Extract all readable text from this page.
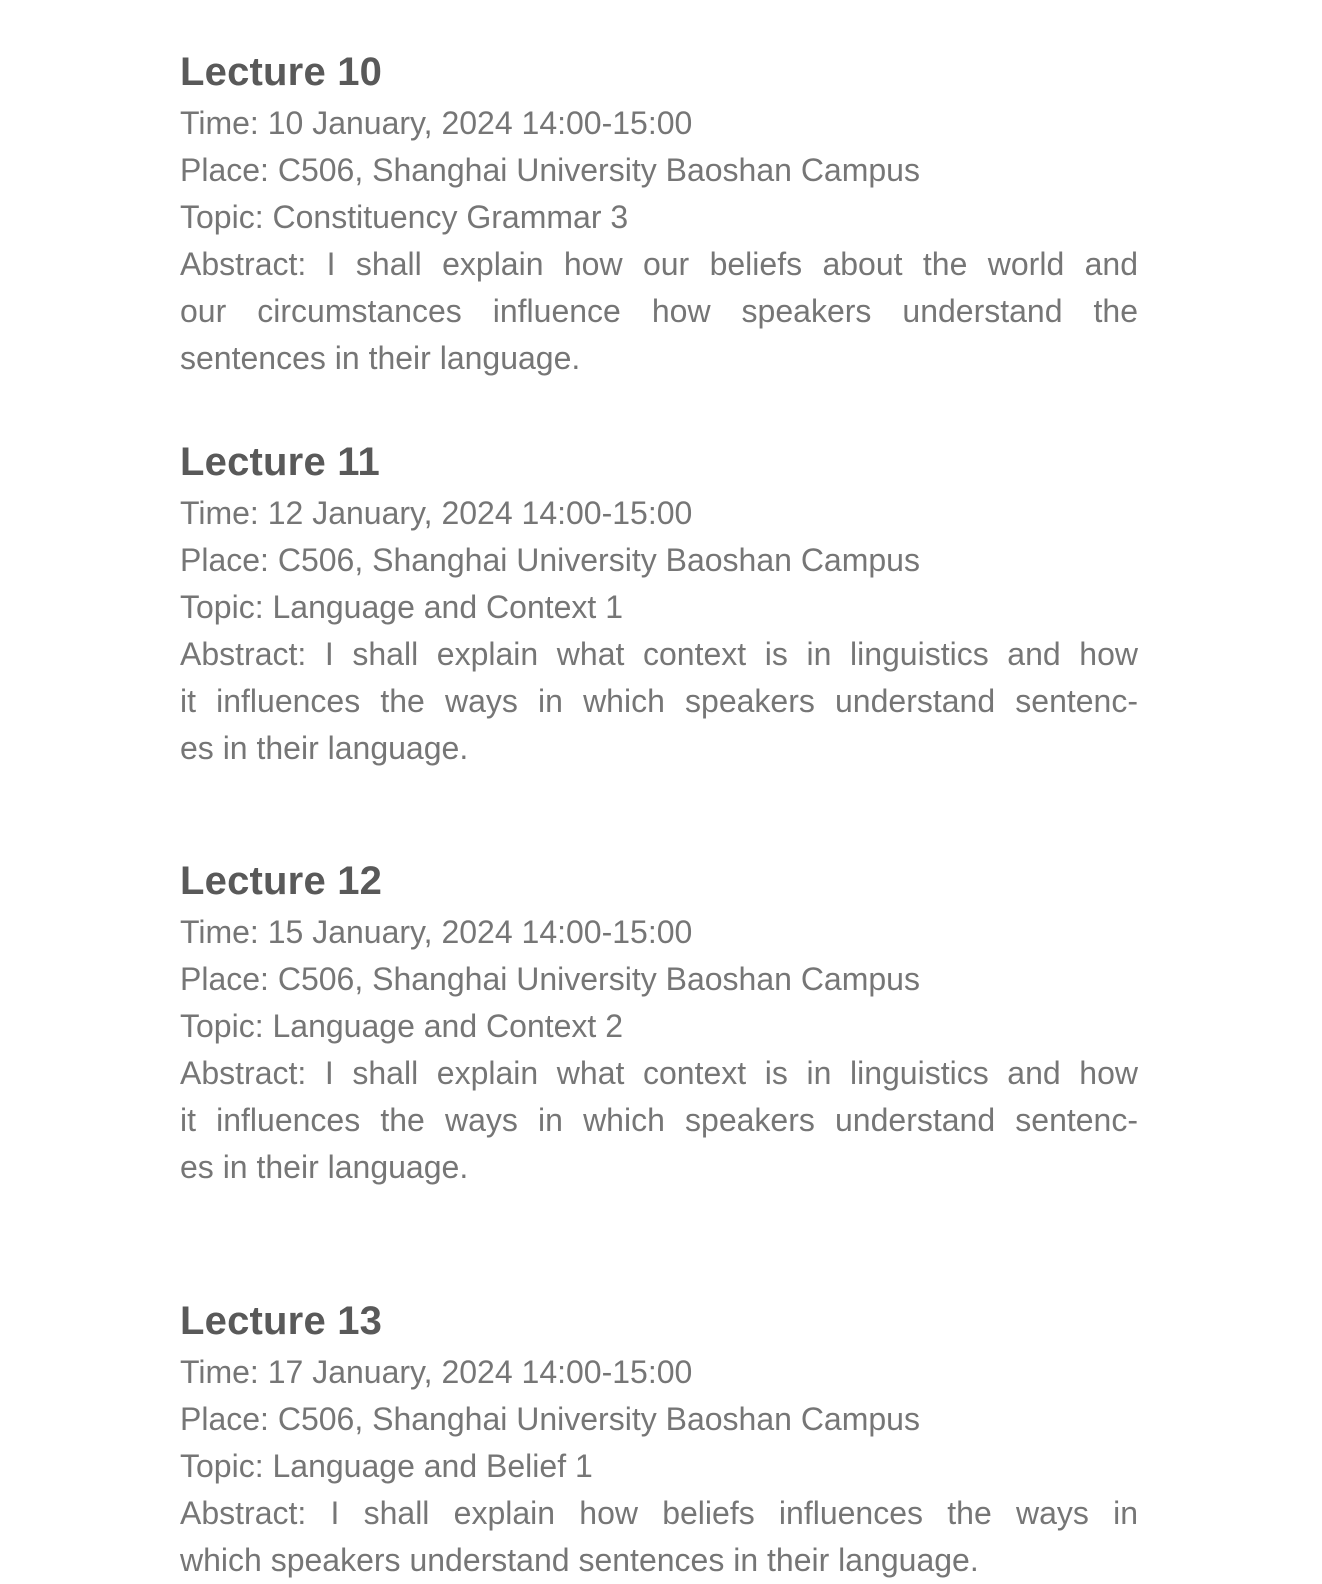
Lecture 10

Time: 10 January, 2024 14:00-15:00

Place: C506, Shanghai University Baoshan Campus

Topic: Constituency Grammar 3

Abstract: I shall explain how our beliefs about the world and

our circumstances influence how speakers understand the

sentences in their language.

Lecture 11

Time: 12 January, 2024 14:00-15:00

Place: C506, Shanghai University Baoshan Campus

Topic: Language and Context 1

Abstract: I shall explain what context is in linguistics and how

it influences the ways in which speakers understand sentenc-

es in their language.

Lecture 12

Time: 15 January, 2024 14:00-15:00

Place: C506, Shanghai University Baoshan Campus

Topic: Language and Context 2

Abstract: I shall explain what context is in linguistics and how

it influences the ways in which speakers understand sentenc-

es in their language.

Lecture 13

Time: 17 January, 2024 14:00-15:00

Place: C506, Shanghai University Baoshan Campus

Topic: Language and Belief 1

Abstract: I shall explain how beliefs influences the ways in

which speakers understand sentences in their language.
